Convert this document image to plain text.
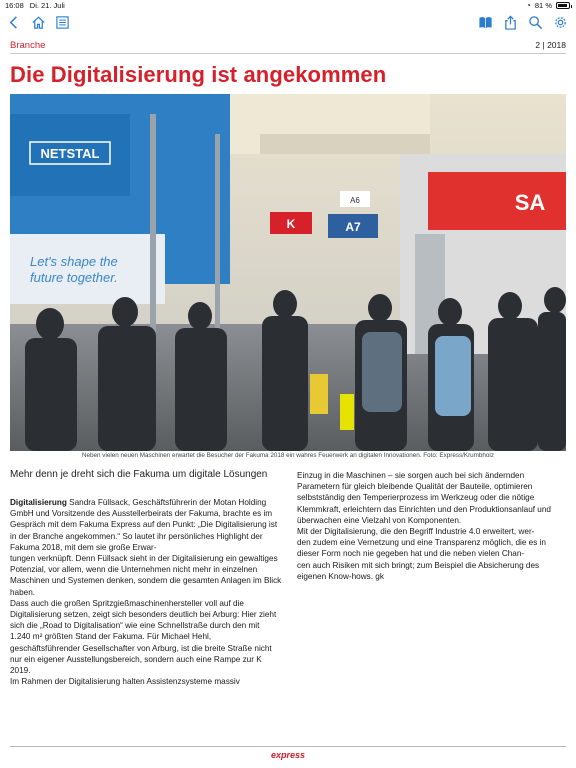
16:08 Di. 21. Juli	◔ 81 %
Branche	2 | 2018
Die Digitalisierung ist angekommen
NETSTAL
Let's shape the
future together.
K
A6
A7
SA
Neben vielen neuen Maschinen erwartet die Besucher der Fakuma 2018 ein wahres Feuerwerk an digitalen Innovationen. Foto: Express/Krumbholz
Mehr denn je dreht sich die Fakuma um digitale Lösungen

Digitalisierung Sandra Füllsack, Geschäftsführerin der Motan Holding GmbH und Vorsitzende des Ausstellerbeirats der Fakuma, brachte es im Gespräch mit dem Fakuma Express auf den Punkt: „Die Digitalisierung ist in der Branche angekommen.“ So lautet ihr persönliches Highlight der Fakuma 2018, mit dem sie große Erwar-
tungen verknüpft. Denn Füllsack sieht in der Digitalisierung ein gewaltiges Potenzial, vor allem, wenn die Unternehmen nicht mehr in einzelnen Maschinen und Systemen denken, sondern die gesamten Anlagen im Blick haben.
Dass auch die großen Spritzgießmaschinenhersteller voll auf die Digitalisierung setzen, zeigt sich besonders deutlich bei Arburg: Hier zieht sich die „Road to Digitalisation“ wie eine Schnellstraße durch den mit 1.240 m² größten Stand der Fakuma. Für Michael Hehl, geschäftsführender Gesellschafter von Arburg, ist die breite Straße nicht nur ein eigener Ausstellungsbereich, sondern auch eine Rampe zur K 2019.
Im Rahmen der Digitalisierung halten Assistenzsysteme massiv

Einzug in die Maschinen – sie sorgen auch bei sich ändernden Parametern für gleich bleibende Qualität der Bauteile, optimieren selbstständig den Temperierprozess im Werkzeug oder die nötige Klemmkraft, erleichtern das Einrichten und den Produktionsanlauf und überwachen eine Vielzahl von Komponenten.
Mit der Digitalisierung, die den Begriff Industrie 4.0 erweitert, wer-
den zudem eine Vernetzung und eine Transparenz möglich, die es in dieser Form noch nie gegeben hat und die neben vielen Chan-
cen auch Risiken mit sich bringt; zum Beispiel die Absicherung des eigenen Know-hows. gk

express
